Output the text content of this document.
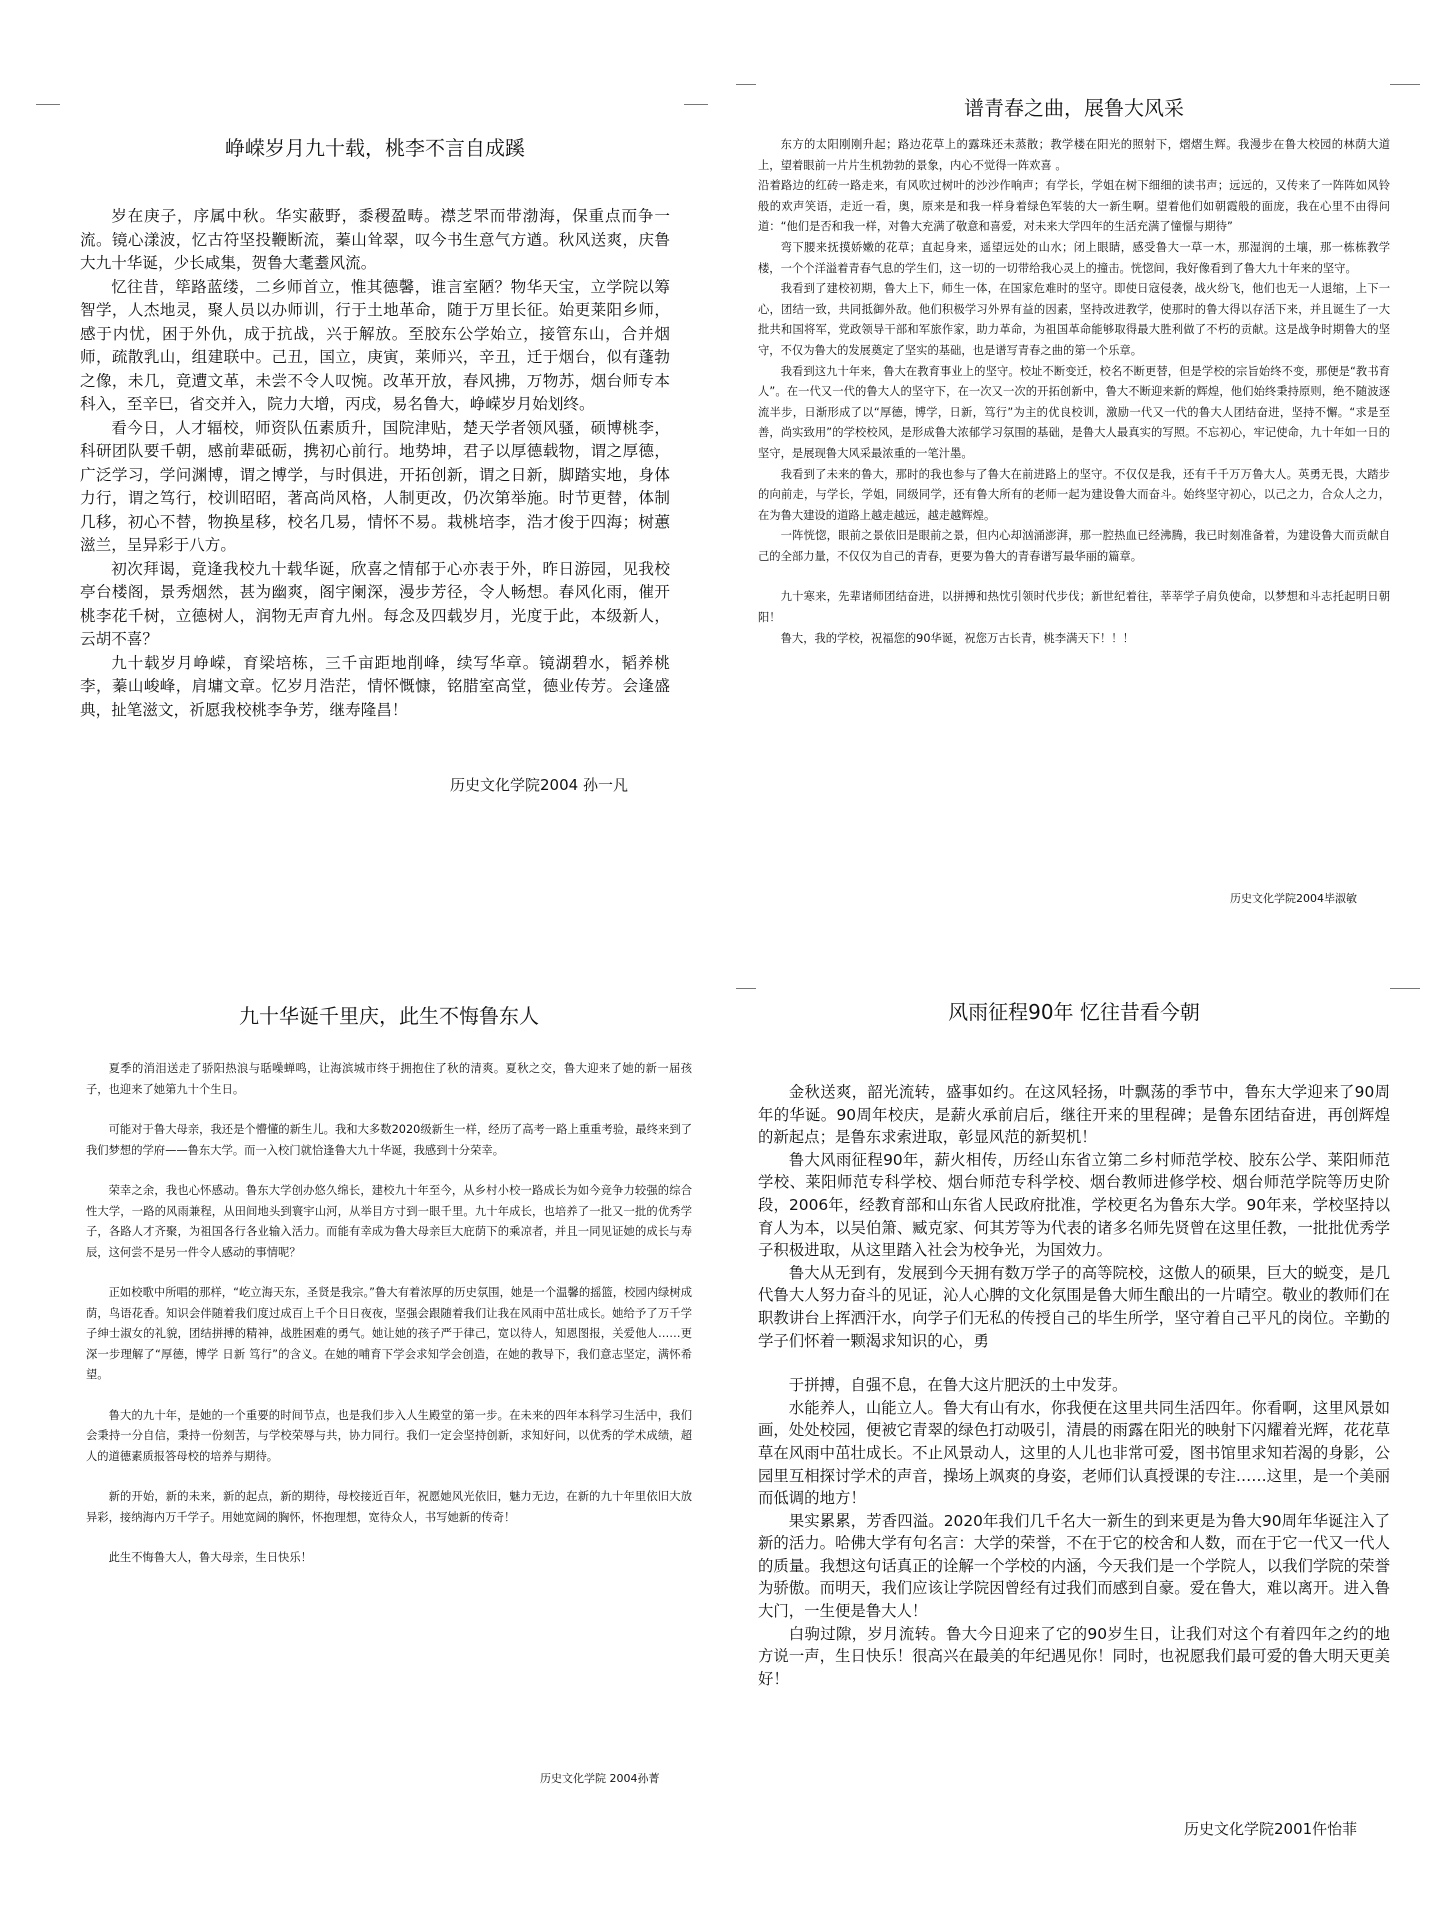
峥嵘岁月九十载，桃李不言自成蹊

岁在庚子，序属中秋。华实蔽野，黍稷盈畴。襟芝罘而带渤海，保重点而争一流。镜心漾波，忆古符坚投鞭断流，蓁山耸翠，叹今书生意气方遒。秋风送爽，庆鲁大九十华诞，少长咸集，贺鲁大耄耋风流。

忆往昔，筚路蓝缕，二乡师首立，惟其德馨，谁言室陋？物华天宝，立学院以筹智学，人杰地灵，聚人员以办师训，行于土地革命，随于万里长征。始更莱阳乡师，感于内忧，困于外仇，成于抗战，兴于解放。至胶东公学始立，接管东山，合并烟师，疏散乳山，组建联中。己丑，国立，庚寅，莱师兴，辛丑，迁于烟台，似有蓬勃之像，未几，竟遭文革，未尝不令人叹惋。改革开放，春风拂，万物苏，烟台师专本科入，至辛巳，省交并入，院力大增，丙戌，易名鲁大，峥嵘岁月始划终。

看今日，人才辐校，师资队伍素质升，国院津贴，楚天学者领风骚，硕博桃李，科研团队要千朝，感前辈砥砺，携初心前行。地势坤，君子以厚德载物，谓之厚德，广泛学习，学问渊博，谓之博学，与时俱进，开拓创新，谓之日新，脚踏实地，身体力行，谓之笃行，校训昭昭，著高尚风格，人制更改，仍次第举施。时节更替，体制几移，初心不替，物换星移，校名几易，情怀不易。栽桃培李，浩才俊于四海；树蕙滋兰，呈异彩于八方。

初次拜谒，竟逢我校九十载华诞，欣喜之情郁于心亦表于外，昨日游园，见我校亭台楼阁，景秀烟然，甚为幽爽，阁宇阑深，漫步芳径，令人畅想。春风化雨，催开桃李花千树，立德树人，润物无声育九州。每念及四载岁月，光度于此，本级新人，云胡不喜？

九十载岁月峥嵘，育梁培栋，三千亩距地削峰，续写华章。镜湖碧水，韬养桃李，蓁山峻峰，肩墉文章。忆岁月浩茫，情怀慨慷，铭腊室高堂，德业传芳。会逢盛典，扯笔滋文，祈愿我校桃李争芳，继寿隆昌！

历史文化学院2004 孙一凡
谱青春之曲，展鲁大风采

东方的太阳刚刚升起；路边花草上的露珠还未蒸散；教学楼在阳光的照射下，熠熠生辉。我漫步在鲁大校园的林荫大道上，望着眼前一片片生机勃勃的景象，内心不觉得一阵欢喜 。

沿着路边的红砖一路走来，有风吹过树叶的沙沙作响声；有学长，学姐在树下细细的读书声；远远的，又传来了一阵阵如风铃般的欢声笑语，走近一看，奥，原来是和我一样身着绿色军装的大一新生啊。望着他们如朝霞般的面庞，我在心里不由得问道：“他们是否和我一样，对鲁大充满了敬意和喜爱，对未来大学四年的生活充满了憧憬与期待”

弯下腰来抚摸娇嫩的花草；直起身来，遥望远处的山水；闭上眼睛，感受鲁大一草一木，那湿润的土壤，那一栋栋教学楼，一个个洋溢着青春气息的学生们，这一切的一切带给我心灵上的撞击。恍惚间，我好像看到了鲁大九十年来的坚守。

我看到了建校初期，鲁大上下，师生一体，在国家危难时的坚守。即使日寇侵袭，战火纷飞，他们也无一人退缩，上下一心，团结一致，共同抵御外敌。他们积极学习外界有益的因素，坚持改进教学，使那时的鲁大得以存活下来，并且诞生了一大批共和国将军，党政领导干部和军旅作家，助力革命，为祖国革命能够取得最大胜利做了不朽的贡献。这是战争时期鲁大的坚守，不仅为鲁大的发展奠定了坚实的基础，也是谱写青春之曲的第一个乐章。

我看到这九十年来，鲁大在教育事业上的坚守。校址不断变迁，校名不断更替，但是学校的宗旨始终不变，那便是“教书育人”。在一代又一代的鲁大人的坚守下，在一次又一次的开拓创新中，鲁大不断迎来新的辉煌，他们始终秉持原则，绝不随波逐流半步，日渐形成了以“厚德，博学，日新，笃行”为主的优良校训，激励一代又一代的鲁大人团结奋进，坚持不懈。“求是至善，尚实致用”的学校校风，是形成鲁大浓郁学习氛围的基础，是鲁大人最真实的写照。不忘初心，牢记使命，九十年如一日的坚守，是展现鲁大风采最浓重的一笔汁墨。

我看到了未来的鲁大，那时的我也参与了鲁大在前进路上的坚守。不仅仅是我，还有千千万万鲁大人。英勇无畏，大踏步的向前走，与学长，学姐，同级同学，还有鲁大所有的老师一起为建设鲁大而奋斗。始终坚守初心，以己之力，合众人之力，在为鲁大建设的道路上越走越远，越走越辉煌。

一阵恍惚，眼前之景依旧是眼前之景，但内心却汹涌澎湃，那一腔热血已经沸腾，我已时刻准备着，为建设鲁大而贡献自己的全部力量，不仅仅为自己的青春，更要为鲁大的青春谱写最华丽的篇章。

九十寒来，先辈诸师团结奋进，以拼搏和热忱引领时代步伐；新世纪着往，莘莘学子肩负使命，以梦想和斗志托起明日朝阳！

鲁大，我的学校，祝福您的90华诞，祝您万古长青，桃李满天下！！！

历史文化学院2004毕淑敏
九十华诞千里庆，此生不悔鲁东人

夏季的消泪送走了骄阳热浪与聒噪蝉鸣，让海滨城市终于拥抱住了秋的清爽。夏秋之交，鲁大迎来了她的新一届孩子，也迎来了她第九十个生日。

可能对于鲁大母亲，我还是个懵懂的新生儿。我和大多数2020级新生一样，经历了高考一路上重重考验，最终来到了我们梦想的学府——鲁东大学。而一入校门就恰逢鲁大九十华诞，我感到十分荣幸。

荣幸之余，我也心怀感动。鲁东大学创办悠久绵长，建校九十年至今，从乡村小校一路成长为如今竞争力较强的综合性大学，一路的风雨兼程，从田间地头到寰宇山河，从举目方寸到一眼千里。九十年成长，也培养了一批又一批的优秀学子，各路人才齐聚，为祖国各行各业输入活力。而能有幸成为鲁大母亲巨大庇荫下的乘凉者，并且一同见证她的成长与寿辰，这何尝不是另一件令人感动的事情呢？

正如校歌中所唱的那样，“屹立海天东，圣贤是我宗。”鲁大有着浓厚的历史氛围，她是一个温馨的摇篮，校园内绿树成荫，鸟语花香。知识会伴随着我们度过成百上千个日日夜夜，坚强会跟随着我们让我在风雨中茁壮成长。她给予了万千学子绅士淑女的礼貌，团结拼搏的精神，战胜困难的勇气。她让她的孩子严于律己，宽以待人，知恩图报，关爱他人……更深一步理解了“厚德，博学 日新 笃行”的含义。在她的哺育下学会求知学会创造，在她的教导下，我们意志坚定，满怀希望。

鲁大的九十年，是她的一个重要的时间节点，也是我们步入人生殿堂的第一步。在未来的四年本科学习生活中，我们会秉持一分自信，秉持一份刻苦，与学校荣辱与共，协力同行。我们一定会坚持创新，求知好问，以优秀的学术成绩，超人的道德素质报答母校的培养与期待。

新的开始，新的未来，新的起点，新的期待，母校接近百年，祝愿她风光依旧，魅力无边，在新的九十年里依旧大放异彩，接纳海内万千学子。用她宽阔的胸怀，怀抱理想，宽待众人，书写她新的传奇！

此生不悔鲁大人，鲁大母亲，生日快乐！

历史文化学院 2004孙菁
风雨征程90年 忆往昔看今朝

金秋送爽，韶光流转，盛事如约。在这风轻扬，叶飘荡的季节中，鲁东大学迎来了90周年的华诞。90周年校庆，是薪火承前启后，继往开来的里程碑；是鲁东团结奋进，再创辉煌的新起点；是鲁东求索进取，彰显风范的新契机！

鲁大风雨征程90年，薪火相传，历经山东省立第二乡村师范学校、胶东公学、莱阳师范学校、莱阳师范专科学校、烟台师范专科学校、烟台教师进修学校、烟台师范学院等历史阶段，2006年，经教育部和山东省人民政府批准，学校更名为鲁东大学。90年来，学校坚持以育人为本，以吴伯箫、臧克家、何其芳等为代表的诸多名师先贤曾在这里任教，一批批优秀学子积极进取，从这里踏入社会为校争光，为国效力。

鲁大从无到有，发展到今天拥有数万学子的高等院校，这傲人的硕果，巨大的蜕变，是几代鲁大人努力奋斗的见证，沁人心脾的文化氛围是鲁大师生酿出的一片晴空。敬业的教师们在职教讲台上挥洒汗水，向学子们无私的传授自己的毕生所学，坚守着自己平凡的岗位。辛勤的学子们怀着一颗渴求知识的心，勇

于拼搏，自强不息，在鲁大这片肥沃的土中发芽。

水能养人，山能立人。鲁大有山有水，你我便在这里共同生活四年。你看啊，这里风景如画，处处校园，便被它青翠的绿色打动吸引，清晨的雨露在阳光的映射下闪耀着光辉，花花草草在风雨中茁壮成长。不止风景动人，这里的人儿也非常可爱，图书馆里求知若渴的身影，公园里互相探讨学术的声音，操场上飒爽的身姿，老师们认真授课的专注……这里，是一个美丽而低调的地方！

果实累累，芳香四溢。2020年我们几千名大一新生的到来更是为鲁大90周年华诞注入了新的活力。哈佛大学有句名言：大学的荣誉，不在于它的校舍和人数，而在于它一代又一代人的质量。我想这句话真正的诠解一个学校的内涵，今天我们是一个学院人，以我们学院的荣誉为骄傲。而明天，我们应该让学院因曾经有过我们而感到自豪。爱在鲁大，难以离开。进入鲁大门，一生便是鲁大人！

白驹过隙，岁月流转。鲁大今日迎来了它的90岁生日，让我们对这个有着四年之约的地方说一声，生日快乐！很高兴在最美的年纪遇见你！同时，也祝愿我们最可爱的鲁大明天更美好！

历史文化学院2001仵怡菲
